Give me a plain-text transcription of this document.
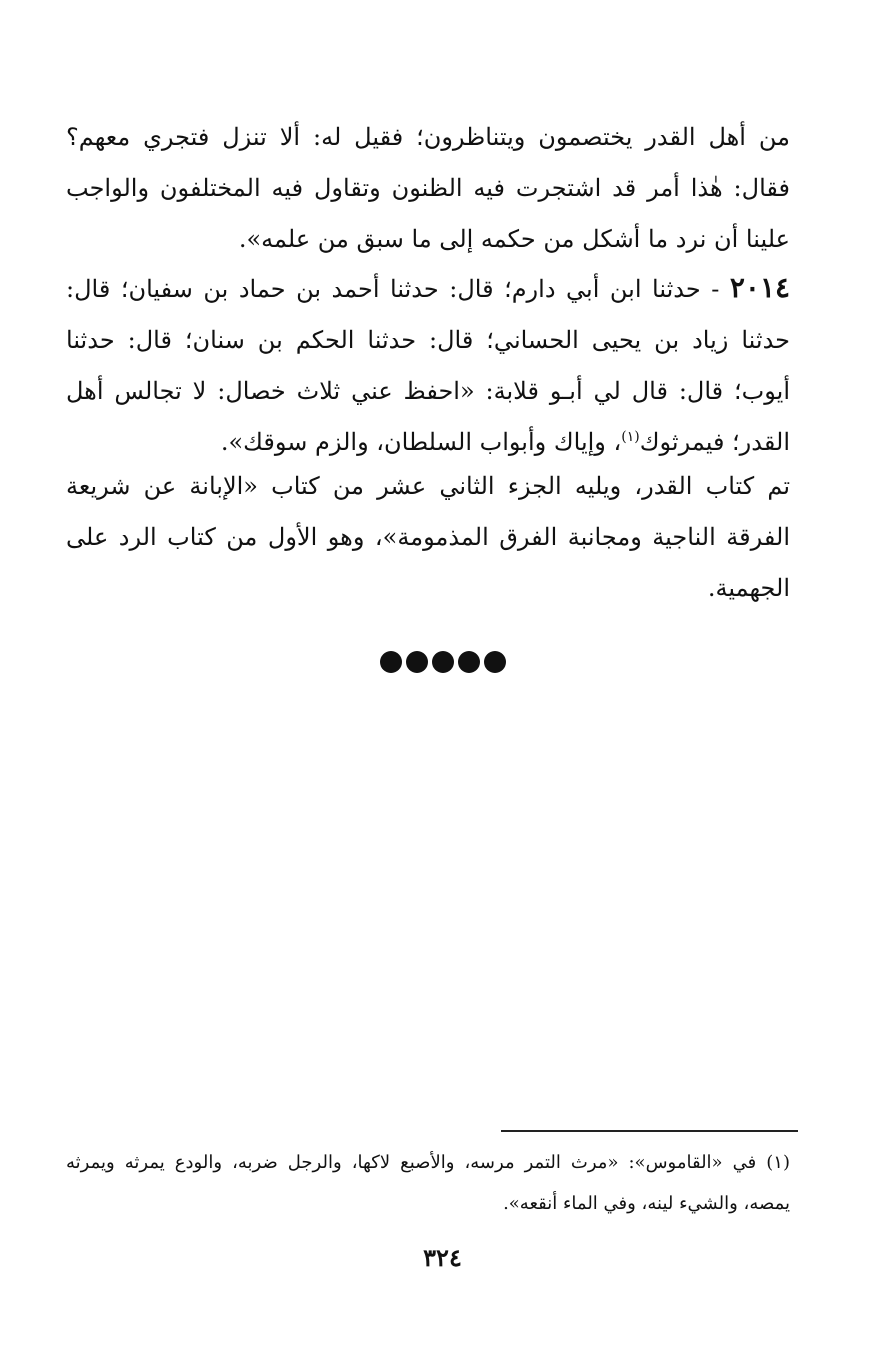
من أهل القدر يختصمون ويتناظرون؛ فقيل له: ألا تنزل فتجري معهم؟ فقال: هٰذا أمر قد اشتجرت فيه الظنون وتقاول فيه المختلفون والواجب علينا أن نرد ما أشكل من حكمه إلى ما سبق من علمه».

٢٠١٤ - حدثنا ابن أبي دارم؛ قال: حدثنا أحمد بن حماد بن سفيان؛ قال: حدثنا زياد بن يحيى الحساني؛ قال: حدثنا الحكم بن سنان؛ قال: حدثنا أيوب؛ قال: قال لي أبـو قلابة: «احفظ عني ثلاث خصال: لا تجالس أهل القدر؛ فيمرثوك$^{(١)}$، وإياك وأبواب السلطان، والزم سوقك».

تم كتاب القدر، ويليه الجزء الثاني عشر من كتاب «الإبانة عن شريعة الفرقة الناجية ومجانبة الفرق المذمومة»، وهو الأول من كتاب الرد على الجهمية.

(١) في «القاموس»: «مرث التمر مرسه، والأصبع لاكها، والرجل ضربه، والودع يمرثه ويمرثه يمصه، والشيء لينه، وفي الماء أنقعه».

٣٢٤
